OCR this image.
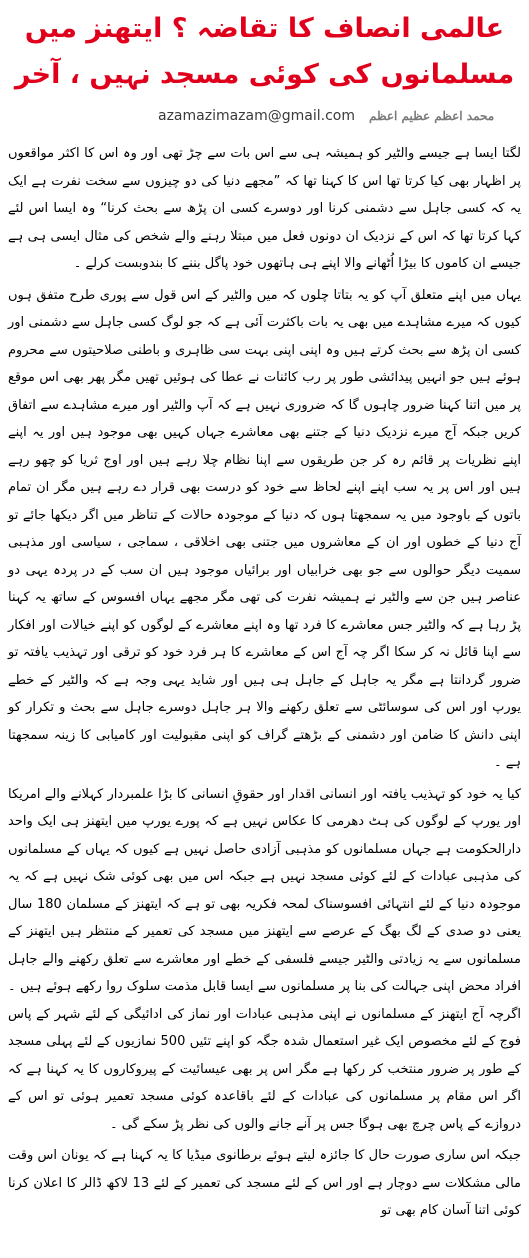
عالمی انصاف کا تقاضہ ؟ ایتھنز میں مسلمانوں کی کوئی مسجد نہیں ، آخر
azamazimazam@gmail.com محمد اعظم عظیم اعظم

لگتا ایسا ہے جیسے والٹیر کو ہمیشہ ہی سے اس بات سے چڑ تھی اور وہ اس کا اکثر مواقعوں پر اظہار بھی کیا کرتا تھا اس کا کہنا تھا کہ ”مجھے دنیا کی دو چیزوں سے سخت نفرت ہے ایک یہ کہ کسی جاہل سے دشمنی کرنا اور دوسرے کسی ان پڑھ سے بحث کرنا“ وہ ایسا اس لئے کہا کرتا تھا کہ اس کے نزدیک ان دونوں فعل میں مبتلا رہنے والے شخص کی مثال ایسی ہی ہے جیسے ان کاموں کا بیڑا اُٹھانے والا اپنے ہی ہاتھوں خود پاگل بننے کا بندوبست کرلے ۔

یہاں میں اپنے متعلق آپ کو یہ بتاتا چلوں کہ میں والٹیر کے اس قول سے پوری طرح متفق ہوں کیوں کہ میرے مشاہدے میں بھی یہ بات باکثرت آئی ہے کہ جو لوگ کسی جاہل سے دشمنی اور کسی ان پڑھ سے بحث کرتے ہیں وہ اپنی اپنی بہت سی ظاہری و باطنی صلاحیتوں سے محروم ہوئے ہیں جو انہیں پیدائشی طور پر رب کائنات نے عطا کی ہوئیں تھیں مگر پھر بھی اس موقع پر میں اتنا کہنا ضرور چاہوں گا کہ ضروری نہیں ہے کہ آپ والٹیر اور میرے مشاہدے سے اتفاق کریں جبکہ آج میرے نزدیک دنیا کے جتنے بھی معاشرے جہاں کہیں بھی موجود ہیں اور یہ اپنے اپنے نظریات پر قائم رہ کر جن طریقوں سے اپنا نظام چلا رہے ہیں اور اوج ثریا کو چھو رہے ہیں اور اس پر یہ سب اپنے اپنے لحاظ سے خود کو درست بھی قرار دے رہے ہیں مگر ان تمام باتوں کے باوجود میں یہ سمجھتا ہوں کہ دنیا کے موجودہ حالات کے تناظر میں اگر دیکھا جائے تو آج دنیا کے خطوں اور ان کے معاشروں میں جتنی بھی اخلاقی ، سماجی ، سیاسی اور مذہبی سمیت دیگر حوالوں سے جو بھی خرابیاں اور برائیاں موجود ہیں ان سب کے در پردہ یہی دو عناصر ہیں جن سے والٹیر نے ہمیشہ نفرت کی تھی مگر مجھے یہاں افسوس کے ساتھ یہ کہنا پڑ رہا ہے کہ والٹیر جس معاشرے کا فرد تھا وہ اپنے معاشرے کے لوگوں کو اپنے خیالات اور افکار سے اپنا قائل نہ کر سکا اگر چہ آج اس کے معاشرے کا ہر فرد خود کو ترقی اور تہذیب یافتہ تو ضرور گردانتا ہے مگر یہ جاہل کے جاہل ہی ہیں اور شاید یہی وجہ ہے کہ والٹیر کے خطے یورپ اور اس کی سوسائٹی سے تعلق رکھنے والا ہر جاہل دوسرے جاہل سے بحث و تکرار کو اپنی دانش کا ضامن اور دشمنی کے بڑھتے گراف کو اپنی مقبولیت اور کامیابی کا زینہ سمجھتا ہے ۔

کیا یہ خود کو تہذیب یافتہ اور انسانی اقدار اور حقوقِ انسانی کا بڑا علمبردار کہلانے والے امریکا اور یورپ کے لوگوں کی ہٹ دھرمی کا عکاس نہیں ہے کہ پورے یورپ میں ایتھنز ہی ایک واحد دارالحکومت ہے جہاں مسلمانوں کو مذہبی آزادی حاصل نہیں ہے کیوں کہ یہاں کے مسلمانوں کی مذہبی عبادات کے لئے کوئی مسجد نہیں ہے جبکہ اس میں بھی کوئی شک نہیں ہے کہ یہ موجودہ دنیا کے لئے انتہائی افسوسناک لمحہ فکریہ بھی تو ہے کہ ایتھنز کے مسلمان 180 سال یعنی دو صدی کے لگ بھگ کے عرصے سے ایتھنز میں مسجد کی تعمیر کے منتظر ہیں ایتھنز کے مسلمانوں سے یہ زیادتی والٹیر جیسے فلسفی کے خطے اور معاشرے سے تعلق رکھنے والے جاہل افراد محض اپنی جہالت کی بنا پر مسلمانوں سے ایسا قابل مذمت سلوک روا رکھے ہوئے ہیں ۔ اگرچہ آج ایتھنز کے مسلمانوں نے اپنی مذہبی عبادات اور نماز کی ادائیگی کے لئے شہر کے پاس فوج کے لئے مخصوص ایک غیر استعمال شدہ جگہ کو اپنے تئیں 500 نمازیوں کے لئے پہلی مسجد کے طور پر ضرور منتخب کر رکھا ہے مگر اس پر بھی عیسائیت کے پیروکاروں کا یہ کہنا ہے کہ اگر اس مقام پر مسلمانوں کی عبادات کے لئے باقاعدہ کوئی مسجد تعمیر ہوئی تو اس کے دروازے کے پاس چرچ بھی ہوگا جس پر آنے جانے والوں کی نظر پڑ سکے گی ۔

جبکہ اس ساری صورت حال کا جائزہ لیتے ہوئے برطانوی میڈیا کا یہ کہنا ہے کہ یونان اس وقت مالی مشکلات سے دوچار ہے اور اس کے لئے مسجد کی تعمیر کے لئے 13 لاکھ ڈالر کا اعلان کرنا کوئی اتنا آسان کام بھی تو
